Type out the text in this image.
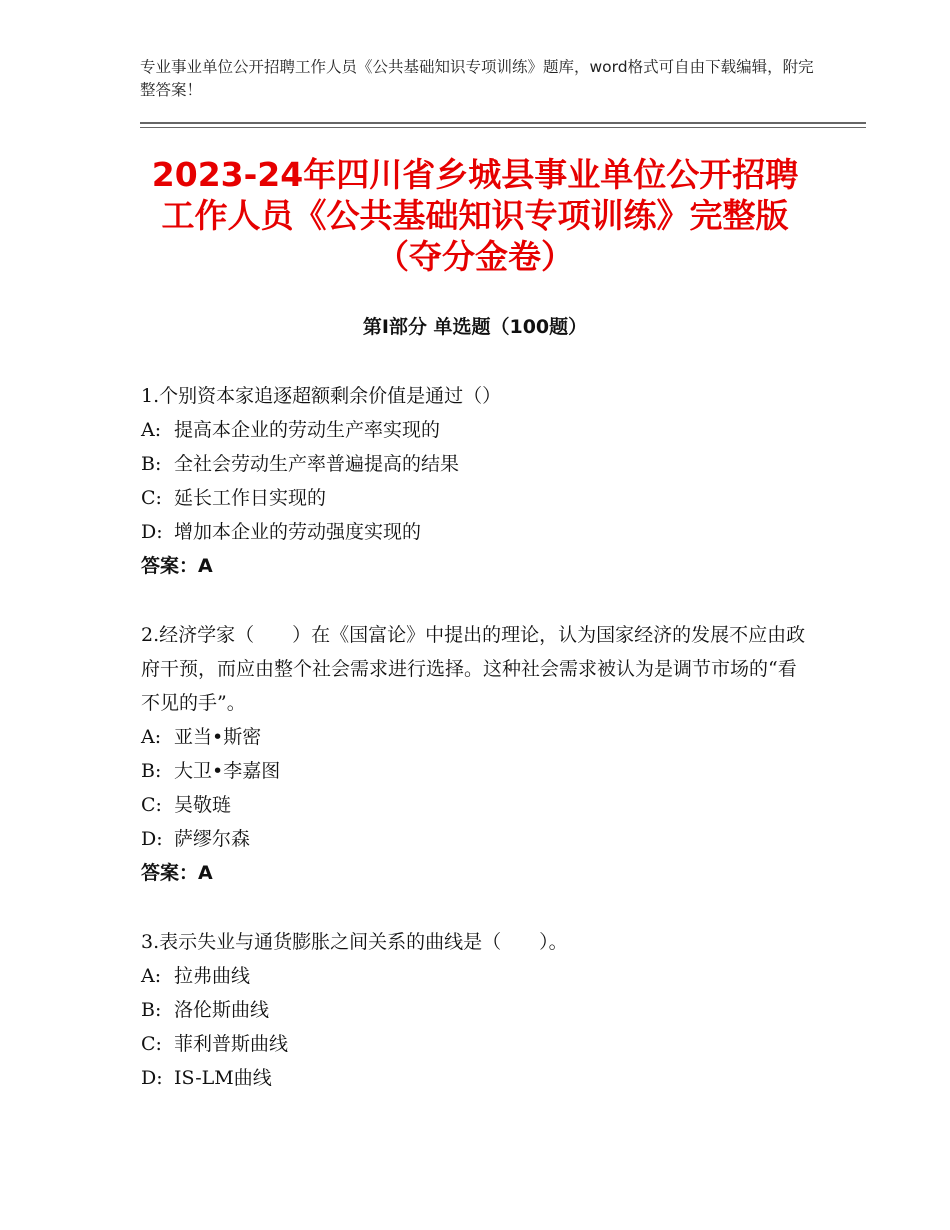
专业事业单位公开招聘工作人员《公共基础知识专项训练》题库，word格式可自由下载编辑，附完整答案！
2023-24年四川省乡城县事业单位公开招聘工作人员《公共基础知识专项训练》完整版（夺分金卷）
第Ⅰ部分 单选题（100题）
1.个别资本家追逐超额剩余价值是通过（）
A: 提高本企业的劳动生产率实现的
B: 全社会劳动生产率普遍提高的结果
C: 延长工作日实现的
D: 增加本企业的劳动强度实现的
答案：A
2.经济学家（　　）在《国富论》中提出的理论，认为国家经济的发展不应由政府干预，而应由整个社会需求进行选择。这种社会需求被认为是调节市场的“看不见的手”。
A: 亚当•斯密
B: 大卫•李嘉图
C: 吴敬琏
D: 萨缪尔森
答案：A
3.表示失业与通货膨胀之间关系的曲线是（　　）。
A: 拉弗曲线
B: 洛伦斯曲线
C: 菲利普斯曲线
D: IS-LM曲线
